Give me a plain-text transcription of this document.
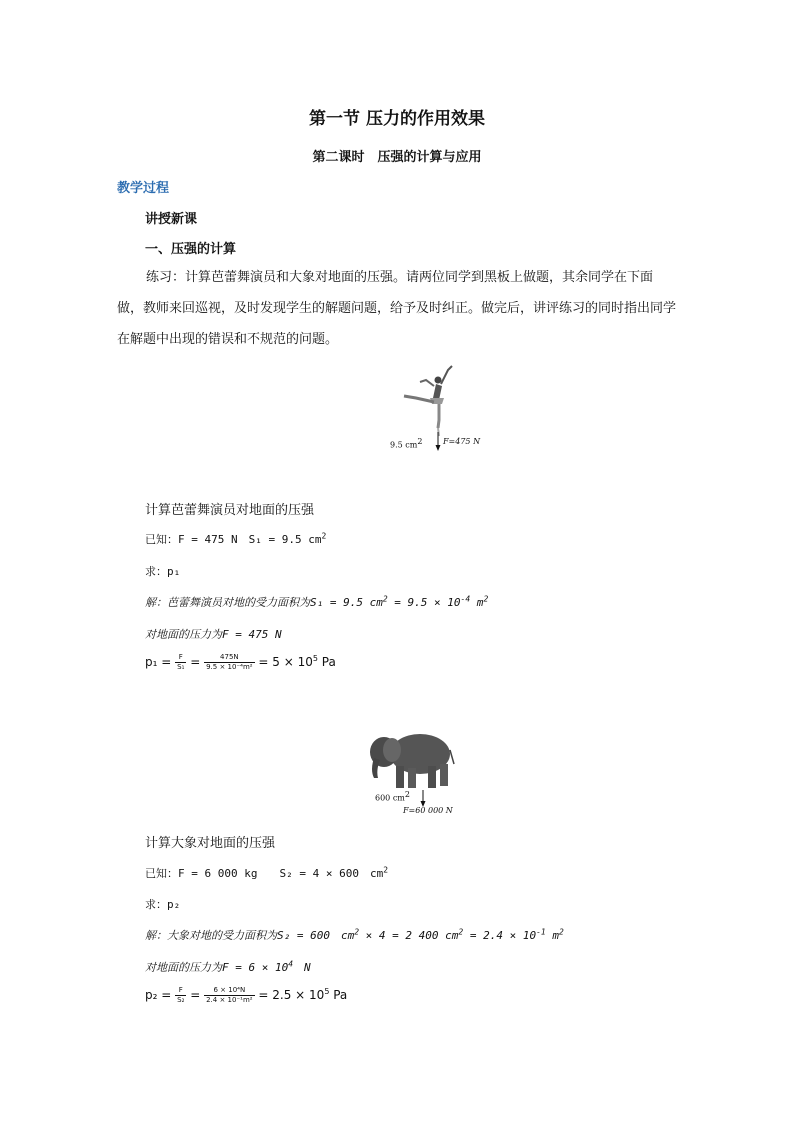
第一节 压力的作用效果
第二课时　压强的计算与应用
教学过程
讲授新课
一、压强的计算
练习：计算芭蕾舞演员和大象对地面的压强。请两位同学到黑板上做题，其余同学在下面做，教师来回巡视，及时发现学生的解题问题，给予及时纠正。做完后，讲评练习的同时指出同学在解题中出现的错误和不规范的问题。
9.5 $cm^2$	F=475 N
计算芭蕾舞演员对地面的压强
已知：F = 475 N　S₁ = 9.5 $cm^2$
求：p₁
解：芭蕾舞演员对地的受力面积为S₁ = 9.5 $cm^2 = 9.5 \times 10^{-4}$ $m^2$
对地面的压力为F = 475 N
$p_1 = \frac{F}{\text{S₁}} = \frac{475N}{\text{9.5 × 10⁻⁴m²}} = 5 \times 10^5$ Pa
600 $cm^2$
F=60 000 N
计算大象对地面的压强
已知：F = 6 000 kg　　S₂ = 4 × 600　$cm^2$
求：p₂
解：大象对地的受力面积为S₂ = 600　$cm^2 \times 4 = 2$ 400 $cm^2 = 2.4 \times 10^{-1}$ $m^2$
对地面的压力为$F = 6 \times 10^4$　N
$p_2 = \frac{F}{\text{S₂}} = \frac{\text{6 × 10⁴N}}{\text{2.4 × 10⁻¹m²}} = 2.5 \times 10^5$ Pa
